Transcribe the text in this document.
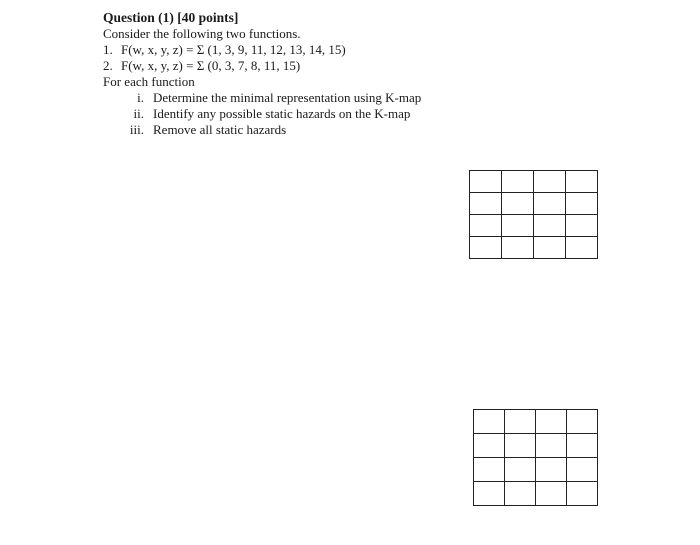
Question (1) [40 points]
Consider the following two functions.
1. F(w, x, y, z) = Σ (1, 3, 9, 11, 12, 13, 14, 15)
2. F(w, x, y, z) = Σ (0, 3, 7, 8, 11, 15)
For each function
i. Determine the minimal representation using K-map
ii. Identify any possible static hazards on the K-map
iii. Remove all static hazards
